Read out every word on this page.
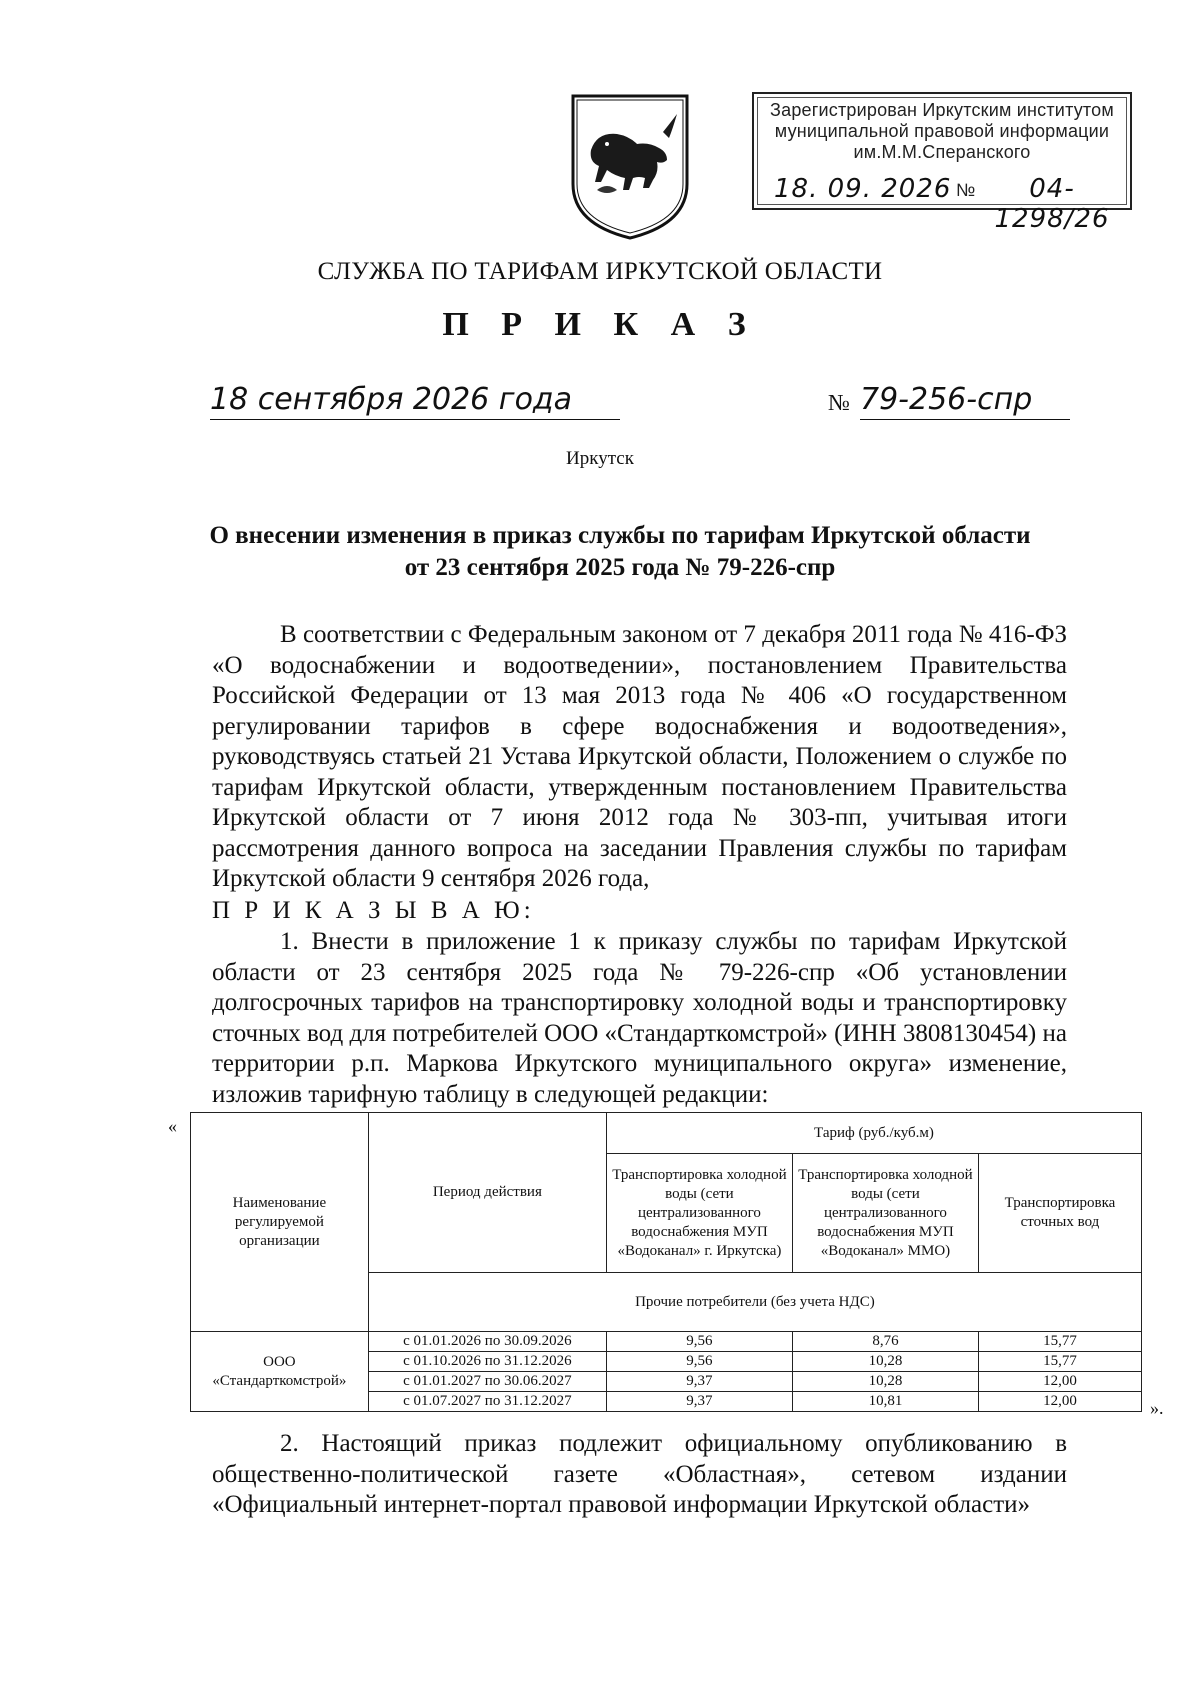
Зарегистрирован Иркутским институтом
муниципальной правовой информации
им.М.М.Сперанского
18. 09. 2026 №	04-1298/26
СЛУЖБА ПО ТАРИФАМ ИРКУТСКОЙ ОБЛАСТИ
П Р И К А З
18 сентября 2026 года	№ 79-256-спр
Иркутск
О внесении изменения в приказ службы по тарифам Иркутской области
от 23 сентября 2025 года № 79-226-спр
В соответствии с Федеральным законом от 7 декабря 2011 года № 416-ФЗ «О водоснабжении и водоотведении», постановлением Правительства Российской Федерации от 13 мая 2013 года № 406 «О государственном регулировании тарифов в сфере водоснабжения и водоотведения», руководствуясь статьей 21 Устава Иркутской области, Положением о службе по тарифам Иркутской области, утвержденным постановлением Правительства Иркутской области от 7 июня 2012 года № 303-пп, учитывая итоги рассмотрения данного вопроса на заседании Правления службы по тарифам Иркутской области 9 сентября 2026 года,
П Р И К А З Ы В А Ю:
1. Внести в приложение 1 к приказу службы по тарифам Иркутской области от 23 сентября 2025 года № 79-226-спр «Об установлении долгосрочных тарифов на транспортировку холодной воды и транспортировку сточных вод для потребителей ООО «Стандарткомстрой» (ИНН 3808130454) на территории р.п. Маркова Иркутского муниципального округа» изменение, изложив тарифную таблицу в следующей редакции:
«
Наименование регулируемой организации	Период действия	Тариф (руб./куб.м)		
		Транспортировка холодной воды (сети централизованного водоснабжения МУП «Водоканал» г. Иркутска)	Транспортировка холодной воды (сети централизованного водоснабжения МУП «Водоканал» ММО)	Транспортировка сточных вод
	Прочие потребители (без учета НДС)			
ООО «Стандарткомстрой»	с 01.01.2026 по 30.09.2026	9,56	8,76	15,77
	с 01.10.2026 по 31.12.2026	9,56	10,28	15,77
	с 01.01.2027 по 30.06.2027	9,37	10,28	12,00
	с 01.07.2027 по 31.12.2027	9,37	10,81	12,00	».
2. Настоящий приказ подлежит официальному опубликованию в общественно-политической газете «Областная», сетевом издании «Официальный интернет-портал правовой информации Иркутской области»
